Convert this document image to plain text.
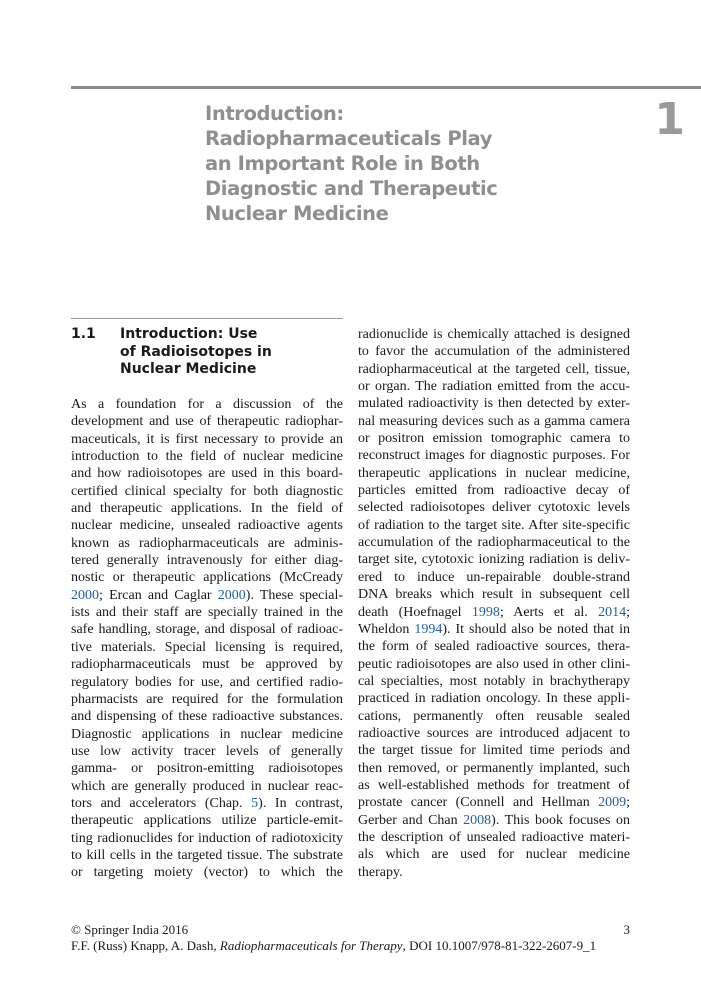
Introduction:
Radiopharmaceuticals Play
an Important Role in Both
Diagnostic and Therapeutic
Nuclear Medicine
1
1.1 Introduction: Use
of Radioisotopes in
Nuclear Medicine
As a foundation for a discussion of the
development and use of therapeutic radiophar-
maceuticals, it is first necessary to provide an
introduction to the field of nuclear medicine
and how radioisotopes are used in this board-
certified clinical specialty for both diagnostic
and therapeutic applications. In the field of
nuclear medicine, unsealed radioactive agents
known as radiopharmaceuticals are adminis-
tered generally intravenously for either diag-
nostic or therapeutic applications (McCready
2000; Ercan and Caglar 2000). These special-
ists and their staff are specially trained in the
safe handling, storage, and disposal of radioac-
tive materials. Special licensing is required,
radiopharmaceuticals must be approved by
regulatory bodies for use, and certified radio-
pharmacists are required for the formulation
and dispensing of these radioactive substances.
Diagnostic applications in nuclear medicine
use low activity tracer levels of generally
gamma- or positron-emitting radioisotopes
which are generally produced in nuclear reac-
tors and accelerators (Chap. 5). In contrast,
therapeutic applications utilize particle-emit-
ting radionuclides for induction of radiotoxicity
to kill cells in the targeted tissue. The substrate
or targeting moiety (vector) to which the
radionuclide is chemically attached is designed
to favor the accumulation of the administered
radiopharmaceutical at the targeted cell, tissue,
or organ. The radiation emitted from the accu-
mulated radioactivity is then detected by exter-
nal measuring devices such as a gamma camera
or positron emission tomographic camera to
reconstruct images for diagnostic purposes. For
therapeutic applications in nuclear medicine,
particles emitted from radioactive decay of
selected radioisotopes deliver cytotoxic levels
of radiation to the target site. After site-specific
accumulation of the radiopharmaceutical to the
target site, cytotoxic ionizing radiation is deliv-
ered to induce un-repairable double-strand
DNA breaks which result in subsequent cell
death (Hoefnagel 1998; Aerts et al. 2014;
Wheldon 1994). It should also be noted that in
the form of sealed radioactive sources, thera-
peutic radioisotopes are also used in other clini-
cal specialties, most notably in brachytherapy
practiced in radiation oncology. In these appli-
cations, permanently often reusable sealed
radioactive sources are introduced adjacent to
the target tissue for limited time periods and
then removed, or permanently implanted, such
as well-established methods for treatment of
prostate cancer (Connell and Hellman 2009;
Gerber and Chan 2008). This book focuses on
the description of unsealed radioactive materi-
als which are used for nuclear medicine
therapy.
© Springer India 2016
F.F. (Russ) Knapp, A. Dash, Radiopharmaceuticals for Therapy, DOI 10.1007/978-81-322-2607-9_1
3
